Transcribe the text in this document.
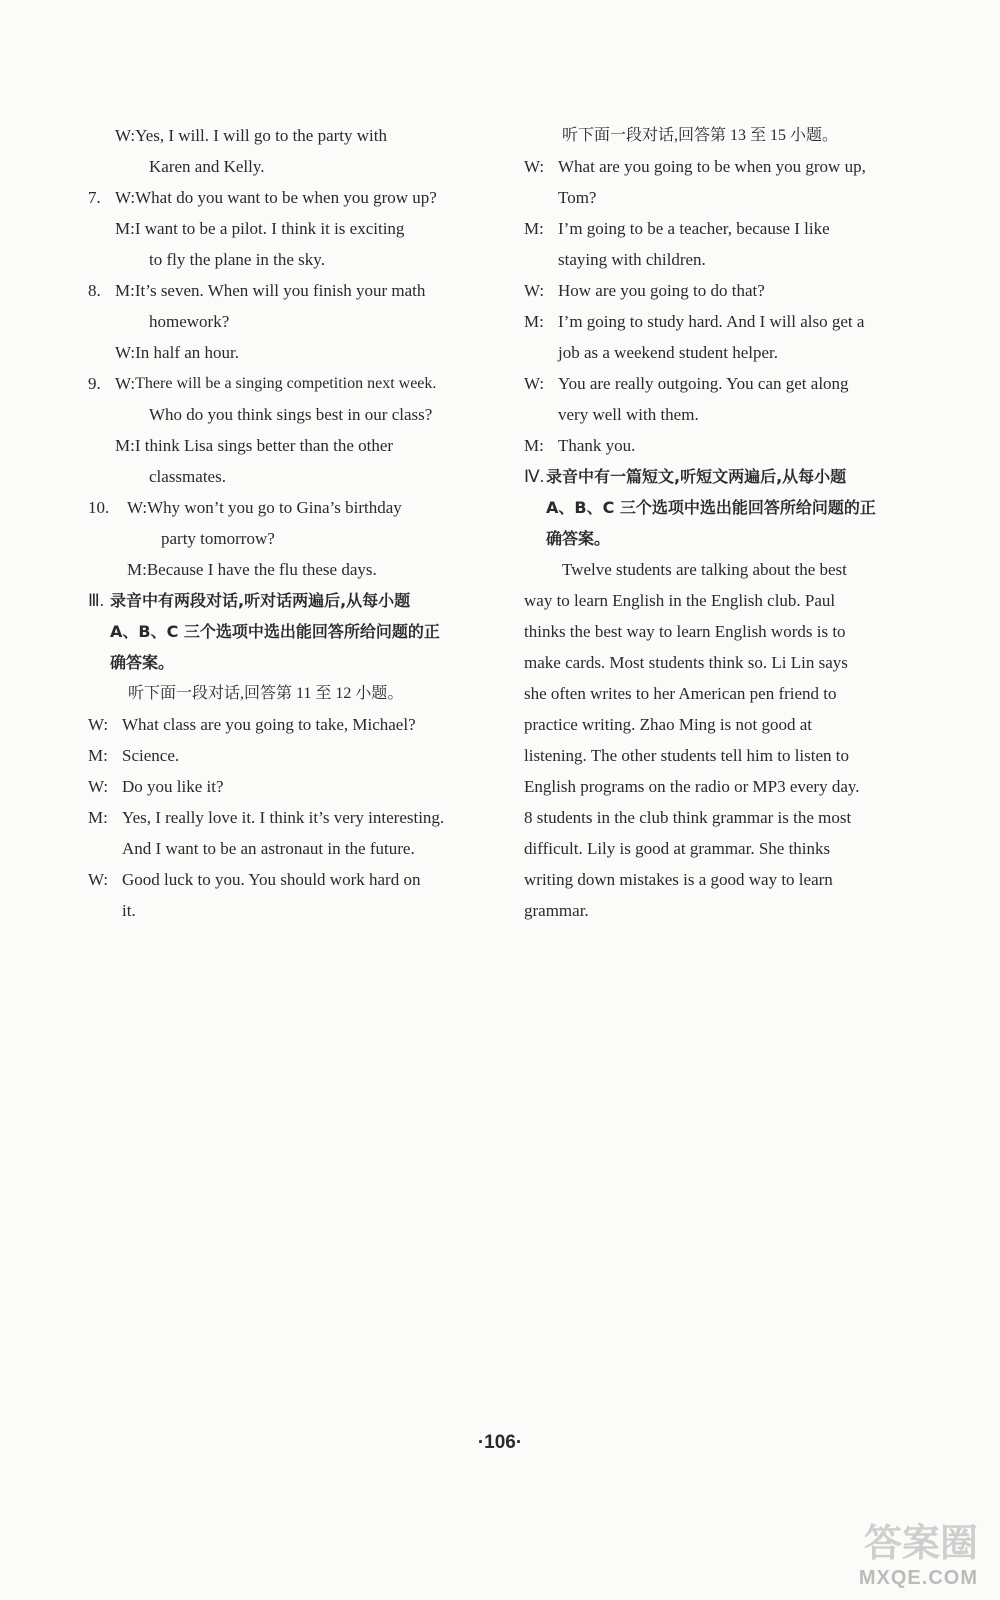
W: Yes, I will. I will go to the party with
Karen and Kelly.
7. W: What do you want to be when you grow up?
M: I want to be a pilot. I think it is exciting
to fly the plane in the sky.
8. M: It’s seven. When will you finish your math
homework?
W: In half an hour.
9. W: There will be a singing competition next week.
Who do you think sings best in our class?
M: I think Lisa sings better than the other
classmates.
10.	W: Why won’t you go to Gina’s birthday
party tomorrow?
M: Because I have the flu these days.
Ⅲ. 录音中有两段对话,听对话两遍后,从每小题
A、B、C 三个选项中选出能回答所给问题的正
确答案。
听下面一段对话,回答第 11 至 12 小题。
W: What class are you going to take, Michael?
M: Science.
W: Do you like it?
M: Yes, I really love it. I think it’s very interesting.
And I want to be an astronaut in the future.
W: Good luck to you. You should work hard on
it.
听下面一段对话,回答第 13 至 15 小题。
W: What are you going to be when you grow up,
Tom?
M: I’m going to be a teacher, because I like
staying with children.
W: How are you going to do that?
M: I’m going to study hard. And I will also get a
job as a weekend student helper.
W: You are really outgoing. You can get along
very well with them.
M: Thank you.
Ⅳ. 录音中有一篇短文,听短文两遍后,从每小题
A、B、C 三个选项中选出能回答所给问题的正
确答案。
Twelve students are talking about the best
way to learn English in the English club. Paul
thinks the best way to learn English words is to
make cards. Most students think so. Li Lin says
she often writes to her American pen friend to
practice writing. Zhao Ming is not good at
listening. The other students tell him to listen to
English programs on the radio or MP3 every day.
8 students in the club think grammar is the most
difficult. Lily is good at grammar. She thinks
writing down mistakes is a good way to learn
grammar.
·106·
答案圈
MXQE.COM
